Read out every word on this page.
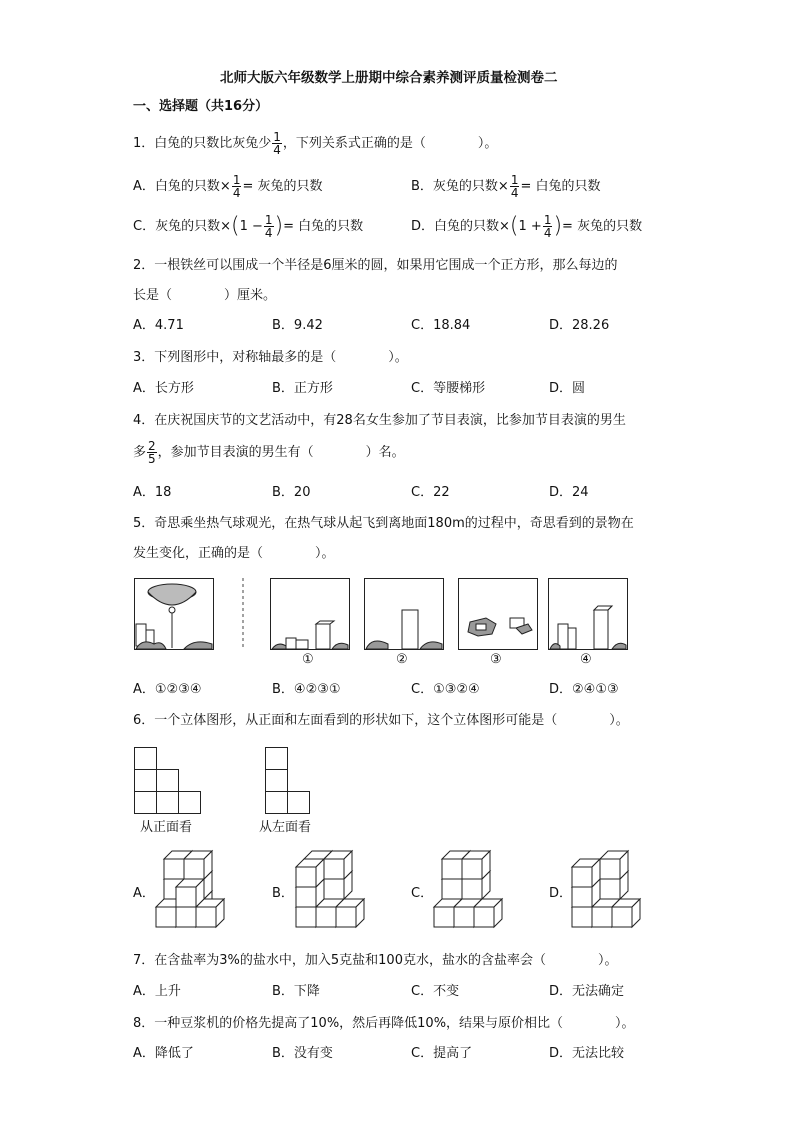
北师大版六年级数学上册期中综合素养测评质量检测卷二
一、选择题（共16分）
1．白兔的只数比灰兔少 $\frac{1}{4}$ ，下列关系式正确的是（　　　　）。
A．白兔的只数× $\frac{1}{4}$ = 灰兔的只数	B．灰兔的只数× $\frac{1}{4}$ = 白兔的只数
C．灰兔的只数$\times(1 - \frac{1}{4}$ )= 白兔的只数	D．白兔的只数$\times(1 + \frac{1}{4}$ )= 灰兔的只数
2．一根铁丝可以围成一个半径是6厘米的圆，如果用它围成一个正方形，那么每边的
长是（　　　　）厘米。
A．4.71	B．9.42	C．18.84	D．28.26
3．下列图形中，对称轴最多的是（　　　　）。
A．长方形	B．正方形	C．等腰梯形	D．圆
4．在庆祝国庆节的文艺活动中，有28名女生参加了节目表演，比参加节目表演的男生
多 $\frac{2}{5}$ ，参加节目表演的男生有（　　　　）名。
A．18	B．20	C．22	D．24
5．奇思乘坐热气球观光，在热气球从起飞到离地面180m的过程中，奇思看到的景物在
发生变化，正确的是（　　　　）。
①	②	③	④
A．①②③④	B．④②③①	C．①③②④	D．②④①③
6．一个立体图形，从正面和左面看到的形状如下，这个立体图形可能是（　　　　）。
从正面看	从左面看
A．	B．	C．	D．
7．在含盐率为3%的盐水中，加入5克盐和100克水，盐水的含盐率会（　　　　）。
A．上升	B．下降	C．不变	D．无法确定
8．一种豆浆机的价格先提高了10%，然后再降低10%，结果与原价相比（　　　　）。
A．降低了	B．没有变	C．提高了	D．无法比较
